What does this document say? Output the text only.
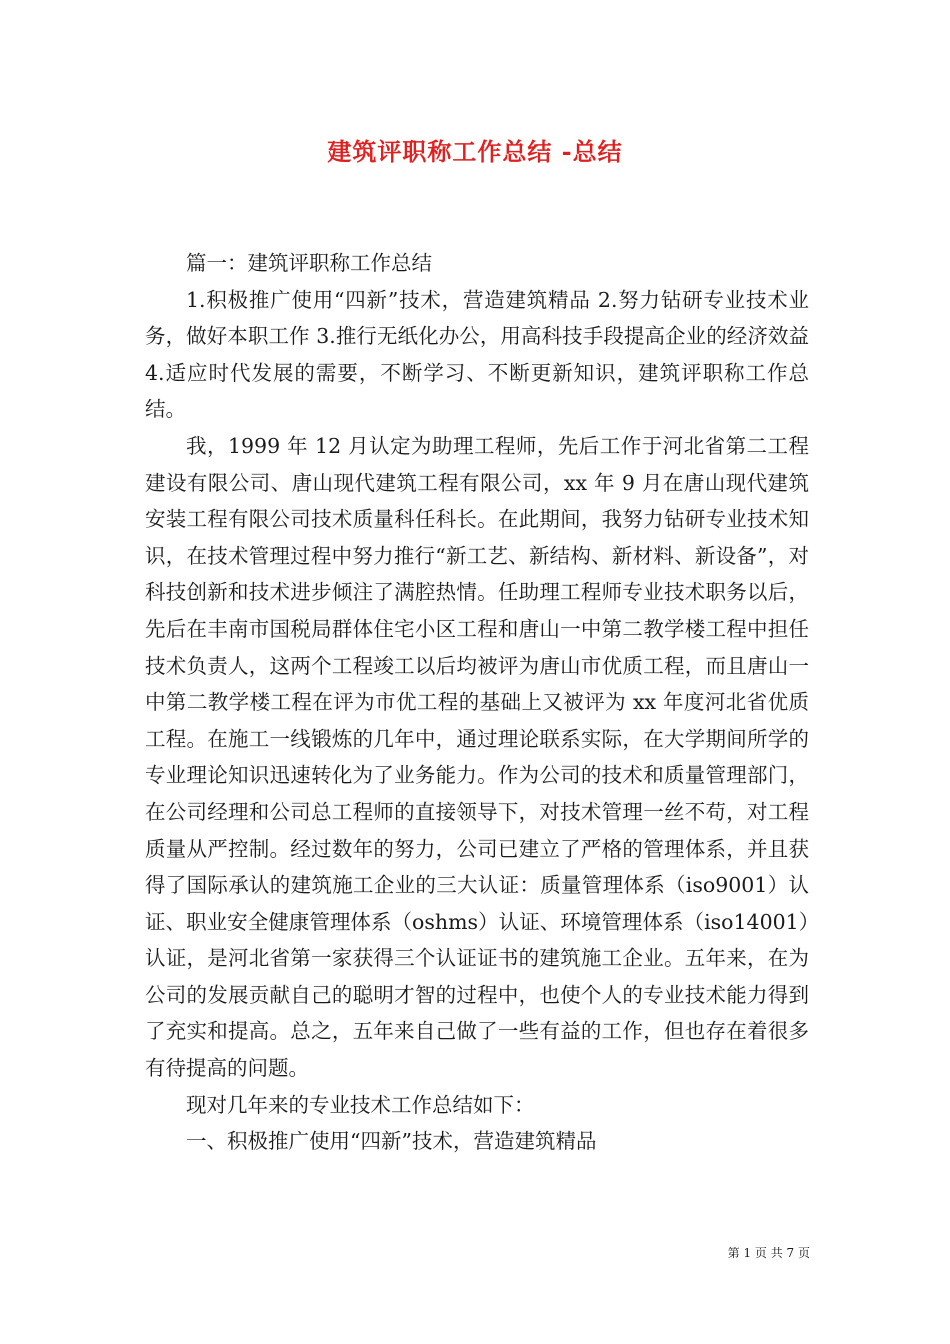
建筑评职称工作总结 -总结

篇一：建筑评职称工作总结

1.积极推广使用“四新”技术，营造建筑精品 2.努力钻研专业技术业务，做好本职工作 3.推行无纸化办公，用高科技手段提高企业的经济效益 4.适应时代发展的需要，不断学习、不断更新知识，建筑评职称工作总结。

我，1999 年 12 月认定为助理工程师，先后工作于河北省第二工程建设有限公司、唐山现代建筑工程有限公司，xx 年 9 月在唐山现代建筑安装工程有限公司技术质量科任科长。在此期间，我努力钻研专业技术知识，在技术管理过程中努力推行“新工艺、新结构、新材料、新设备”，对科技创新和技术进步倾注了满腔热情。任助理工程师专业技术职务以后，先后在丰南市国税局群体住宅小区工程和唐山一中第二教学楼工程中担任技术负责人，这两个工程竣工以后均被评为唐山市优质工程，而且唐山一中第二教学楼工程在评为市优工程的基础上又被评为 xx 年度河北省优质工程。在施工一线锻炼的几年中，通过理论联系实际，在大学期间所学的专业理论知识迅速转化为了业务能力。作为公司的技术和质量管理部门，在公司经理和公司总工程师的直接领导下，对技术管理一丝不苟，对工程质量从严控制。经过数年的努力，公司已建立了严格的管理体系，并且获得了国际承认的建筑施工企业的三大认证：质量管理体系（iso9001）认证、职业安全健康管理体系（oshms）认证、环境管理体系（iso14001）认证，是河北省第一家获得三个认证证书的建筑施工企业。五年来，在为公司的发展贡献自己的聪明才智的过程中，也使个人的专业技术能力得到了充实和提高。总之，五年来自己做了一些有益的工作，但也存在着很多有待提高的问题。

现对几年来的专业技术工作总结如下：

一、积极推广使用“四新”技术，营造建筑精品

第 1 页 共 7 页
